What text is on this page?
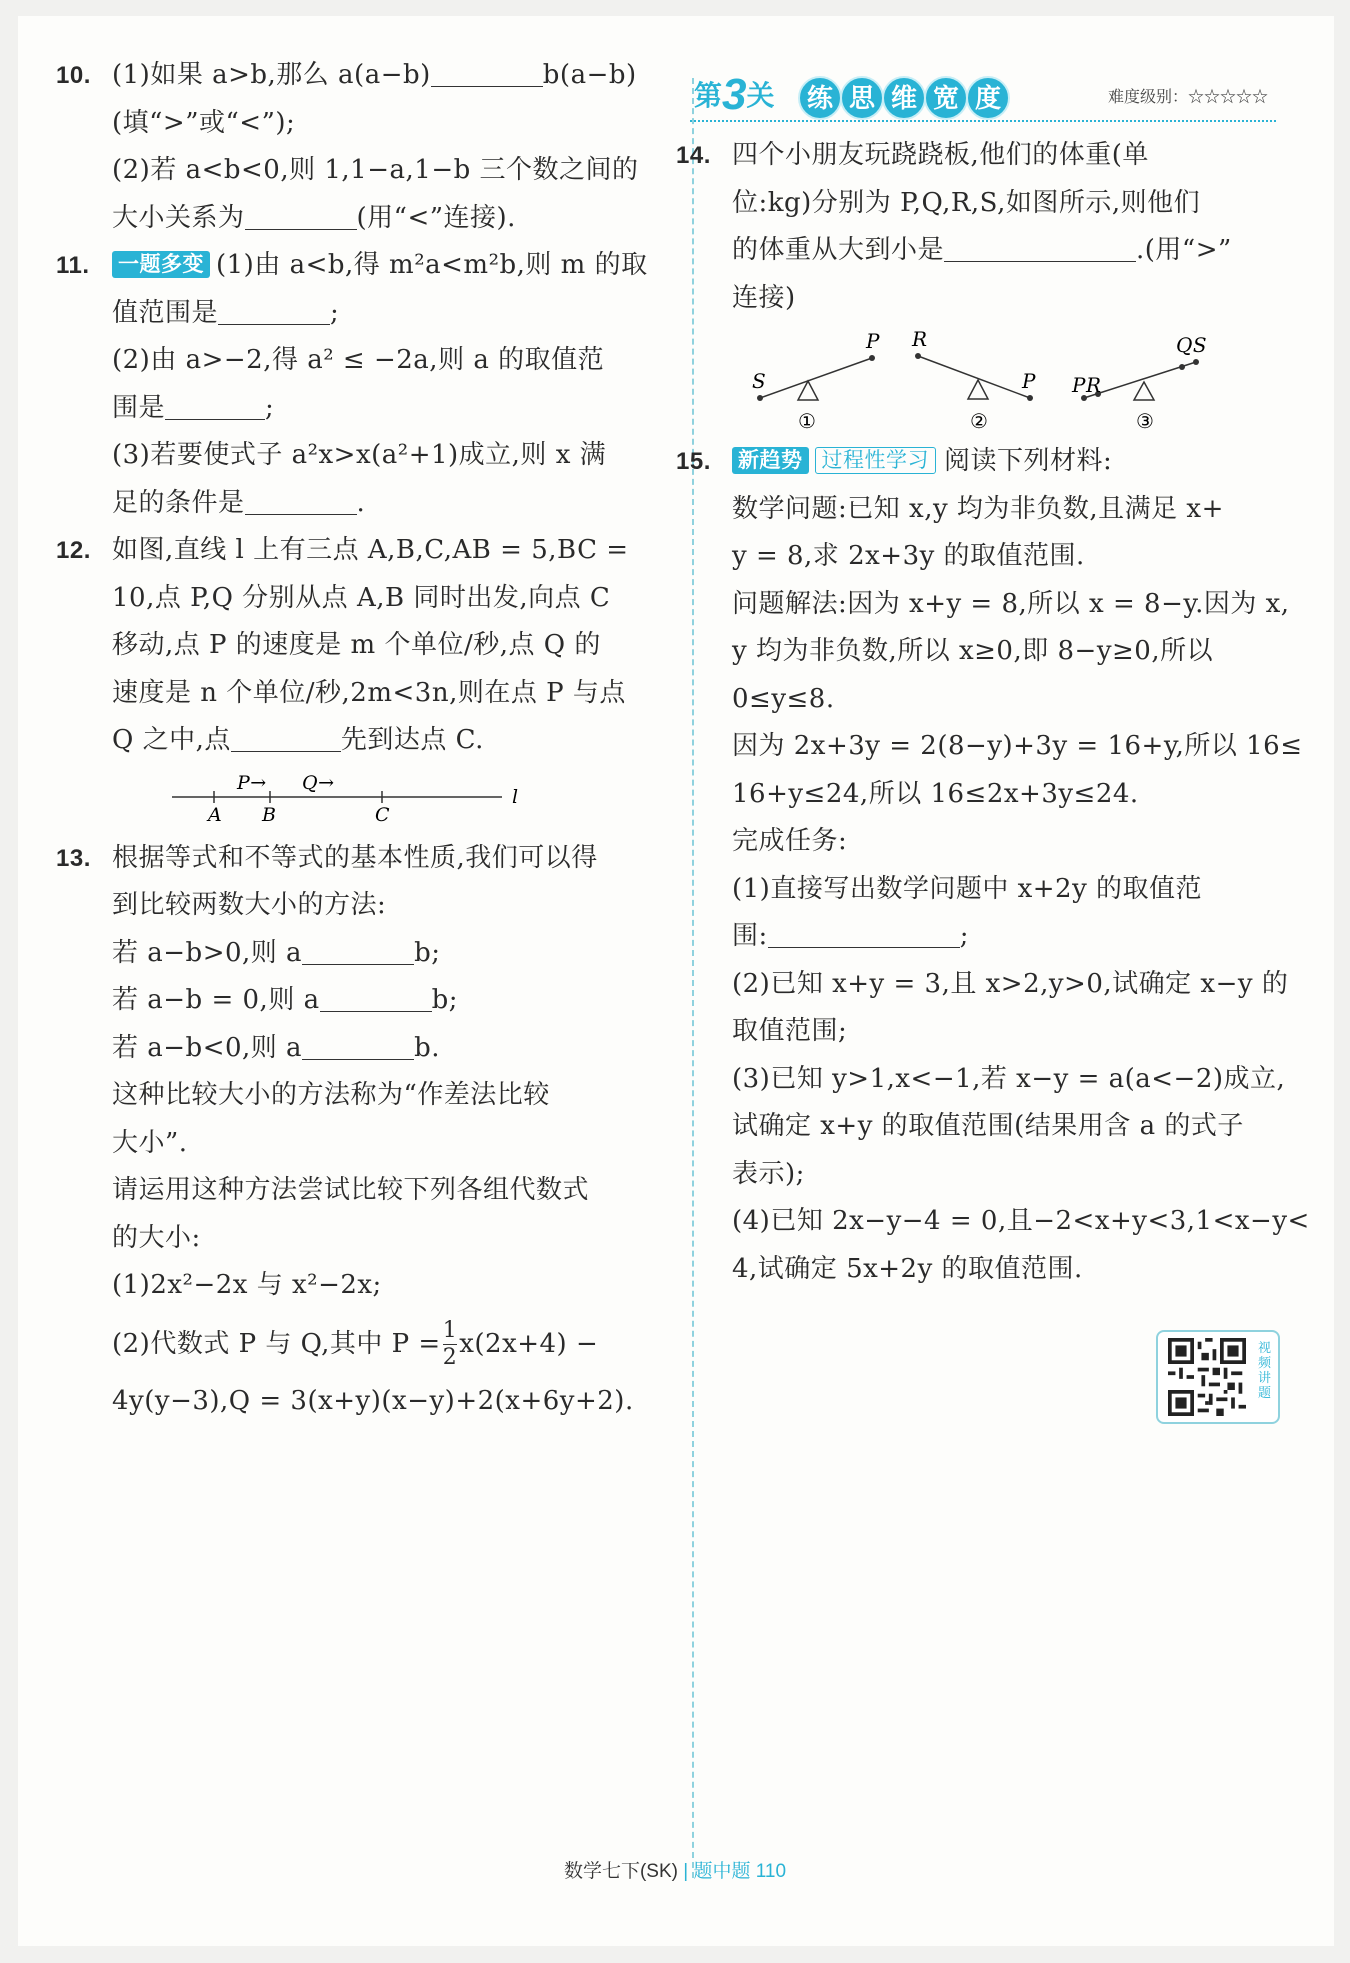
10. (1)如果 a>b,那么 a(a−b)	b(a−b)
(填“>”或“<”);
(2)若 a<b<0,则 1,1−a,1−b 三个数之间的
大小关系为	(用“<”连接).
11.	一题多变 (1)由 a<b,得 m²a<m²b,则 m 的取
值范围是	;
(2)由 a>−2,得 a² ≤ −2a,则 a 的取值范
围是	;
(3)若要使式子 a²x>x(a²+1)成立,则 x 满
足的条件是	.
12. 如图,直线 l 上有三点 A,B,C,AB = 5,BC =
10,点 P,Q 分别从点 A,B 同时出发,向点 C
移动,点 P 的速度是 m 个单位/秒,点 Q 的
速度是 n 个单位/秒,2m<3n,则在点 P 与点
Q 之中,点	先到达点 C.
P→ Q→
A B	C
l
13. 根据等式和不等式的基本性质,我们可以得
到比较两数大小的方法:
若 a−b>0,则 a	b;
若 a−b = 0,则 a	b;
若 a−b<0,则 a	b.
这种比较大小的方法称为“作差法比较
大小”.
请运用这种方法尝试比较下列各组代数式
的大小:
(1)2x²−2x 与 x²−2x;
(2)代数式 P 与 Q,其中 $P = \frac{1}{2} x(2x+4)$ −
4y(y−3),Q = 3(x+y)(x−y)+2(x+6y+2).
第3关	练 思 维 宽 度	难度级别：☆☆☆☆☆
14. 四个小朋友玩跷跷板,他们的体重(单
位:kg)分别为 P,Q,R,S,如图所示,则他们
的体重从大到小是	.(用“>”
连接)
S
P
①
R
P
②
PR
QS
③
15.	新趋势 过程性学习 阅读下列材料:
数学问题:已知 x,y 均为非负数,且满足 x+
y = 8,求 2x+3y 的取值范围.
问题解法:因为 x+y = 8,所以 x = 8−y.因为 x,
y 均为非负数,所以 x≥0,即 8−y≥0,所以
0≤y≤8.
因为 2x+3y = 2(8−y)+3y = 16+y,所以 16≤
16+y≤24,所以 16≤2x+3y≤24.
完成任务:
(1)直接写出数学问题中 x+2y 的取值范
围:	;
(2)已知 x+y = 3,且 x>2,y>0,试确定 x−y 的
取值范围;
(3)已知 y>1,x<−1,若 x−y = a(a<−2)成立,
试确定 x+y 的取值范围(结果用含 a 的式子
表示);
(4)已知 2x−y−4 = 0,且−2<x+y<3,1<x−y<
4,试确定 5x+2y 的取值范围.
视频讲题
数学七下(SK) | 题中题 110
